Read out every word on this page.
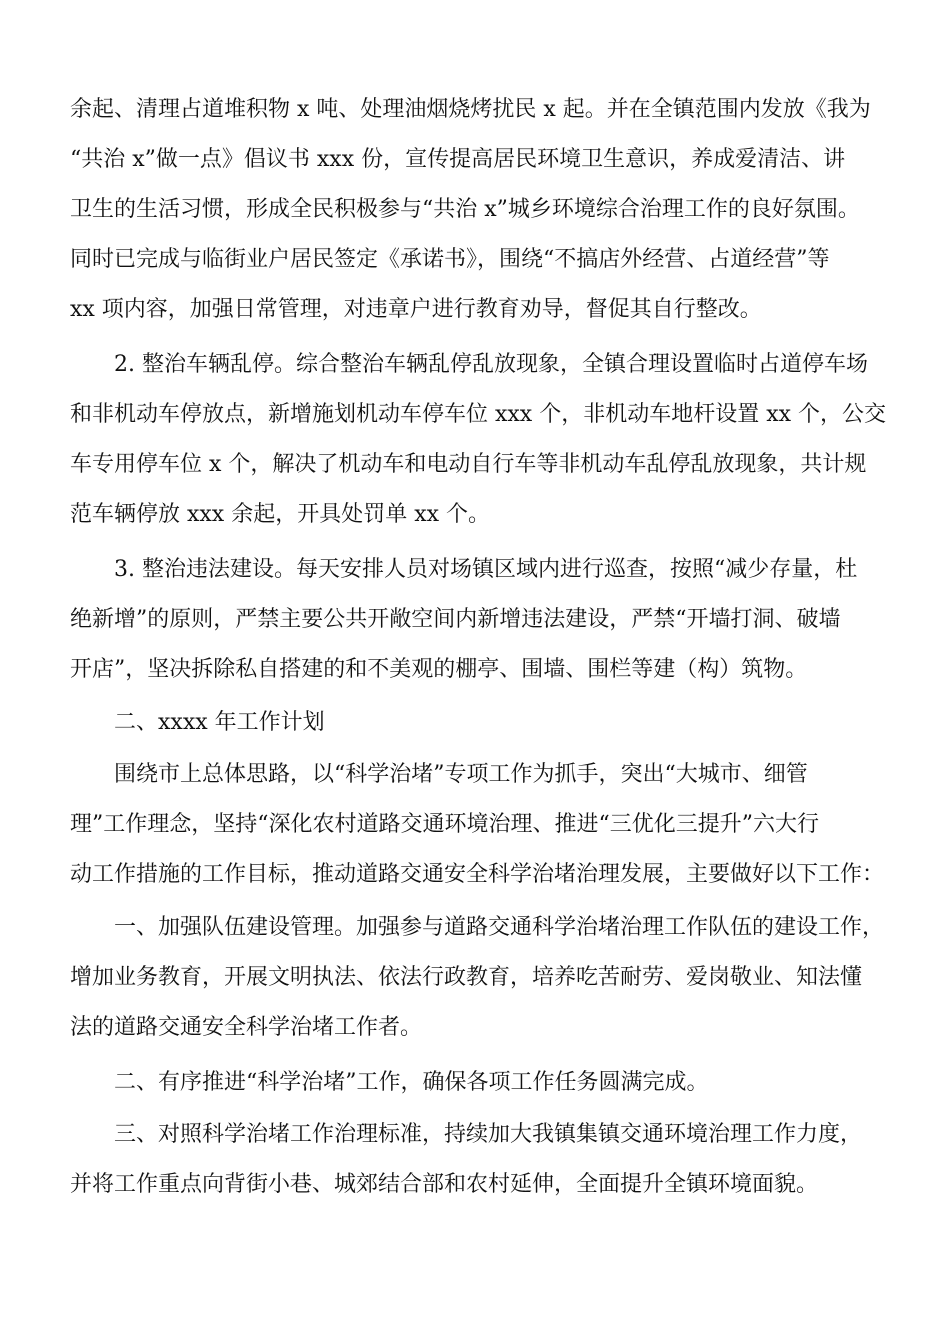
余起、清理占道堆积物 x 吨、处理油烟烧烤扰民 x 起。并在全镇范围内发放《我为

“共治 x”做一点》倡议书 xxx 份，宣传提高居民环境卫生意识，养成爱清洁、讲

卫生的生活习惯，形成全民积极参与“共治 x”城乡环境综合治理工作的良好氛围。

同时已完成与临街业户居民签定《承诺书》，围绕“不搞店外经营、占道经营”等

xx 项内容，加强日常管理，对违章户进行教育劝导，督促其自行整改。

2. 整治车辆乱停。综合整治车辆乱停乱放现象，全镇合理设置临时占道停车场

和非机动车停放点，新增施划机动车停车位 xxx 个，非机动车地杆设置 xx 个，公交

车专用停车位 x 个，解决了机动车和电动自行车等非机动车乱停乱放现象，共计规

范车辆停放 xxx 余起，开具处罚单 xx 个。

3. 整治违法建设。每天安排人员对场镇区域内进行巡查，按照“减少存量，杜

绝新增”的原则，严禁主要公共开敞空间内新增违法建设，严禁“开墙打洞、破墙

开店”，坚决拆除私自搭建的和不美观的棚亭、围墙、围栏等建（构）筑物。

二、xxxx 年工作计划

围绕市上总体思路，以“科学治堵”专项工作为抓手，突出“大城市、细管

理”工作理念，坚持“深化农村道路交通环境治理、推进“三优化三提升”六大行

动工作措施的工作目标，推动道路交通安全科学治堵治理发展，主要做好以下工作：

一、加强队伍建设管理。加强参与道路交通科学治堵治理工作队伍的建设工作，

增加业务教育，开展文明执法、依法行政教育，培养吃苦耐劳、爱岗敬业、知法懂

法的道路交通安全科学治堵工作者。

二、有序推进“科学治堵”工作，确保各项工作任务圆满完成。

三、对照科学治堵工作治理标准，持续加大我镇集镇交通环境治理工作力度，

并将工作重点向背街小巷、城郊结合部和农村延伸，全面提升全镇环境面貌。
